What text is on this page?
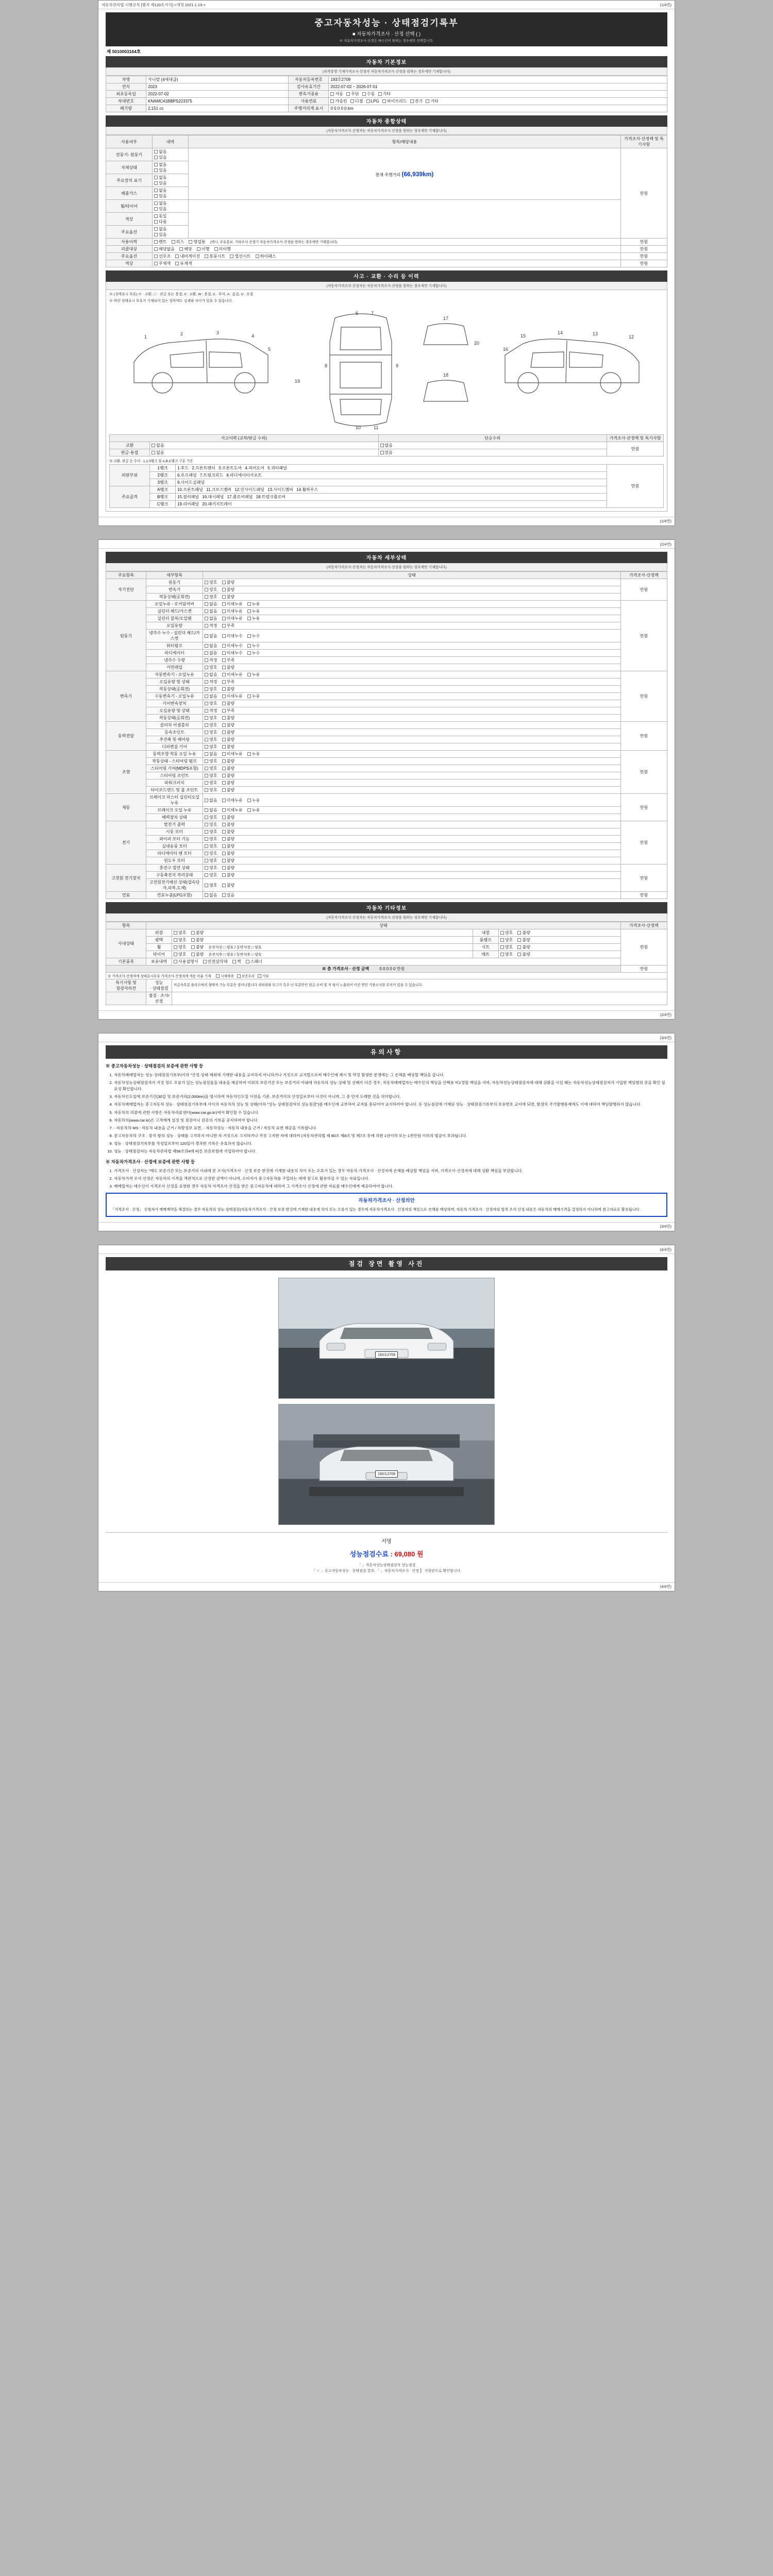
자동차관리법 시행규칙 [별지 제120호서식] <개정 2021.1.19.>	(1/4면)
중고자동차성능 · 상태점검기록부
■ 자동차가격조사 · 산정 선택 ( )
※ 자동차가격조사·산정은 매수인이 원하는 경우에만 선택합니다.
제 5010003164호
자동차 기본정보
(자격증명 기재가격조사·산정자 자동차가격조사·산정을 원하는 경우에만 기재합니다)
차명	카니발 (4세대급)	자동차등록번호	193호2709
연식	2023	검사유효기간	2022-07-02 ~ 2026-07-01
최초등록일	2022-07-02	변속기종류	자동 무단 수동 기타
차대번호	KNAMC41BBPS223375	사용연료	가솔린 디젤 LPG 하이브리드 전기 기타
배기량	2,151 cc	주행거리계 표시	0 0 0 0 0 km
자동차 종합상태
(자동차가격조사·산정자는 자동차가격조사·산정을 원하는 경우에만 기재합니다)
사용여부	내역	항목/해당내용	가격조사·산정액 및 특기사항
전동기· 원동기	없음 있음	현재 주행거리 (66,939km)	만원
자체상태	없음 있음		
주요장치 표기	없음 있음		
배출가스	없음 있음		
휠/타이어	없음 있음		
색상	동일 다름		
주요옵션	없음 있음		
사용이력	렌트 리스 영업용 (택시, 주유홍보, 기타조사·산정기 자동차가격조사·산정을 원하는 경우에만 기재합니다)		만원
리콜대상	해당없음 해당 이행 미이행		만원
주요옵션	선루프 내비게이션 통풍시트 열선시트 하이패스		만원
색상	무채색 유채색		만원
사고 · 교환 · 수리 등 이력
(자동차가격조사·산정자는 자동차가격조사·산정을 원하는 경우에만 기재합니다)
※ (상태표시 부호) ⊗ : 교환, ⊙ : 판금 또는 용접, X : 교환, W : 용접, C : 부식, A : 흠집, U : 요철
※ 하단 상태표시 부호가 기재되어 있는 항목에도 실제와 차이가 있을 수 있습니다.
1
2	3
4
5
6	7
8	9
10	11
12
13
14
15
16
17
18
19
20
사고이력 (교차/판금 수리)		단순수리	가격조사·산정액 및 특기사항
교환	없음	없음	만원
판금·용접	없음	있음	
※ 교환, 판금 등 수리 : 1,2,3랭크 및 A,B,C랭크 구분 기준
외판부위	1랭크	1.후드 2.프론트팬더 3.프론트도어 4.리어도어 5.쿼터패널	만원
	2랭크	6.루프패널 7.트렁크리드 8.라디에이터서포트	
	3랭크	9.사이드실패널	
주요골격	A랭크	10.프론트패널 11.크로스멤버 12.인사이드패널 13.사이드멤버 14.휠하우스	
	B랭크	15.필러패널 16.대시패널 17.플로어패널 18.트렁크플로어	
	C랭크	19.리어패널 20.패키지트레이	
(1/4면)
(2/4면)
자동차 세부상태
(자동차가격조사·산정자는 자동차가격조사·산정을 원하는 경우에만 기재합니다)
주요항목	세부항목	상태	가격조사·산정액
자기진단	원동기	양호 불량	만원
	변속기	양호 불량	
	작동상태(공회전)	양호 불량	
원동기	오일누유 - 로커암커버	없음 미세누유 누유	만원
	실린더 헤드/가스켓	없음 미세누유 누유	
	실린더 블록/오일팬	없음 미세누유 누유	
	오일유량	적정 부족	
	냉각수 누수 - 실린더 헤드/가스켓	없음 미세누수 누수	
	워터펌프	없음 미세누수 누수	
	라디에이터	없음 미세누수 누수	
	냉각수 수량	적정 부족	
	커먼레일	양호 불량	
변속기	자동변속기 - 오일누유	없음 미세누유 누유	만원
	오일유량 및 상태	적정 부족	
	작동상태(공회전)	양호 불량	
	수동변속기 - 오일누유	없음 미세누유 누유	
	기어변속장치	양호 불량	
	오일유량 및 상태	적정 부족	
	작동상태(공회전)	양호 불량	
동력전달	클러치 어셈블리	양호 불량	만원
	등속조인트	양호 불량	
	추진축 및 베어링	양호 불량	
	디퍼렌셜 기어	양호 불량	
조향	동력조향 작동 오일 누유	없음 미세누유 누유	만원
	작동상태 - 스티어링 펌프	양호 불량	
	스티어링 기어(MDPS포함)	양호 불량	
	스티어링 조인트	양호 불량	
	파워크러치	양호 불량	
	타이로드엔드 및 볼 조인트	양호 불량	
제동	브레이크 마스터 실린더오일 누유	없음 미세누유 누유	만원
	브레이크 오일 누유	없음 미세누유 누유	
	배력장치 상태	양호 불량	
전기	발전기 출력	양호 불량	만원
	시동 모터	양호 불량	
	와이퍼 모터 기능	양호 불량	
	실내송풍 모터	양호 불량	
	라디에이터 팬 모터	양호 불량	
	윈도우 모터	양호 불량	
고전원 전기장치	충전구 절연 상태	양호 불량	만원
	구동축전지 격리상태	양호 불량	
	고전원전기배선 상태(접속단자,피복,도체)	양호 불량	
연료	연료누출(LPG포함)	없음 있음	만원
자동차 기타정보
(자동차가격조사·산정자는 자동차가격조사·산정을 원하는 경우에만 기재합니다)
항목	상태				가격조사·산정액
사내상태	외장	양호 불량	내장	양호 불량	만원
	광택	양호 불량	룸램프	양호 불량	
	휠	양호 불량 운전석전 □ 양호 / 동반석전 □ 양호	시트	양호 불량	
	타이어	양호 불량 운전석후 □ 양호 / 동반석후 □ 양호	매트	양호 불량	
기본품목	보유내역	사용설명서 안전삼각대 잭 스패너			
※ 총 가격조사 · 산정 금액 0 0 0 0 0 만원					만원
※ 가격조사·산정자에 상태표시부호 가격조사·산정자에 적용 비율 기재 시세하락 보증수리 기타					
특기사항 및
점검자의견	성능
· 상태점검	비금속부분 플라스틱의 형태적 기능 부분은 경미니합니다 세차외와 모그가 특수 난 부분만인 원금 오비 및 저 팀이 노출되어 이런 면인 기관소사한 부식이 있을 수 있습니다.			
	점검 · 조사/산정				
(2/4면)
(3/4면)
유의사항
※ 중고자동차성능 · 상태점검의 보증에 관한 사항 등
1. 자동차매매업자는 성능·상태점검기록부(이하 "산정·상태 제외에 기재한 내용을 교지하지 아니하거나 거짓으로 교지힐으로써 매수인에 제시 및 약정 발생한 분쟁에는 그 손해를 배상할 책임을 갑니다.
2. 자동차성능상태점검자가 거짓 정도 오류가 있는 성능점검물을 내용을 제공하여 이외의 보증기간 또는 보증거리 이내에 자동차의 성능·상태 및 선배가 다른 경우, 자동차매매업자는 매수인의 책임을 산택용 비1정할 책임을 지며, 자동차성능상태점검자에 대해 상환을 시킬 때는 자동차성능상태점검자가 기입한 책임범위 증을 확인 필요성 확인합니다.
3. 자동차인도일에 보증기간(30일 및 보증거리(2,000km)을 명시하며 자동차인도일 이전을 기준, 보증거리의 산정일로부터 이것이 아니며, 그 중 먼저 도래한 것을 의미합니다.
4. 자동차매매업자는 중고자동차 성능 · 상태점검기록부에 사이의 자동차의 성능 및 상태(이하 "성능·상태점검자의 성능점검")를 매수인에 교부하여 교지를 중되어야 교지하여야 합니다. 동 성능점검에 기재된 성능 · 상태점검기록부의 보유번호 교지에 되면, 발생의 국기발행문제에도 이에 대하여 책임발행하지 않습니다.
5. 자동차의 리콜에 관한 사항은 자동차리콜센터(www.car.go.kr)에서 확인할 수 있습니다.
6. 자동차의(www.car.kr)은 고객에게 설정 및 점검이나 검증의 기록을 공지하여야 합니다.
7. - 자동차의 MS : 자동차 내용을 근거 / 차량정보 표면, - 자동차성능 : 자동차 내용을 근거 / 자동차 표면 제공을 기록합니다.
8. 중고자동차의 구조 · 장치 항의 성능 · 상태를 고지하지 아니한 자 거짓으로 고지하거나 거짓 고지한 자에 대하여 (자동차관리법 제 80조 제8조 및 제7조 등에 의한 1년이하 또는 1천만원 이하의 벌금이 부과됩니다.
9. 성능 · 상태점검기록부를 작성일로부터 120일이 경과한 기록은 유효하지 않습니다.
10. 성능 · 상태점검자는 자동차관리법 제58조의4에 따른 보증보험에 가입하여야 합니다.
※ 자동차가격조사 · 산정에 보증에 관한 사항 등
1. 가격조사 · 산정자는 "매도 보증기간 또는 보증거리 이내에 본 조사(가격조사 · 산정 보증 한것에 기재한 내용의 차이 또는 오류가 있는 경우 자동차 가격조사 · 산정자에 손해를 배상할 책임을 지며, 가격조사·산정자에 대해 상환 책임을 부담합니다.
2. 자동차가격 조사·산정은 자동차의 가격을 객관적으로 산정한 금액이 아니며, 소비자가 중고자동차를 구입하는 데에 참고로 활용하실 수 있는 자료입니다.
3. 매매업자는 매수인이 가격조사·산정을 요청한 경우 자동차 가격조사·산정을 받은 중고자동차에 대하여 그 가격조사·산정에 관한 자료를 매수인에게 제공하여야 합니다.
자동차가격조사 · 산정의안
「가격조사 · 산정」 신청자가 매매계약을 체결하는 경우 자동차의 성능·상태점검(자동차가격조사 · 산정 보증 한것에 기재한 내용에 차이 또는 오류가 있는 경우에 자동차가격조사 · 산정자의 책임으로 손해를 배상하며, 자동차 가격조사 · 산정자의 법적 조사·산정 내용은 자동차의 매매가격을 결정하지 아니하며 참고자료로 활용됩니다.
(3/4면)
(4/4면)
점검 장면 촬영 사진
193호2709
193호2709
서명
성능점검수료 : 69,080 원
「 」자동차성능상태점검자 성능점검
「 ∨ 」중고자동차성능 · 상태점검 결과, 「 」자동차가격조사 · 산정 】 사항란으로 확인합니다.
(4/4면)
